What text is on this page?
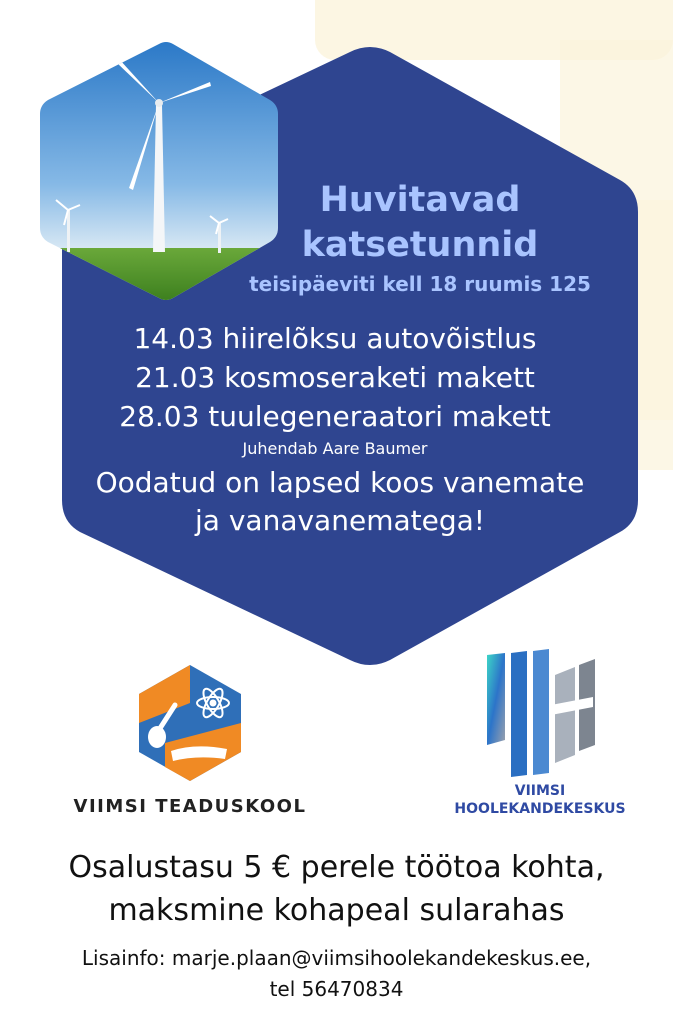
Huvitavad
katsetunnid
teisipäeviti kell 18 ruumis 125
14.03 hiirelõksu autovõistlus
21.03 kosmoseraketi makett
28.03 tuulegeneraatori makett
Juhendab Aare Baumer
Oodatud on lapsed koos vanemate
ja vanavanematega!
VIIMSI TEADUSKOOL
VIIMSI
HOOLEKANDEKESKUS
Osalustasu 5 € perele töötoa kohta,
maksmine kohapeal sularahas
Lisainfo: marje.plaan@viimsihoolekandekeskus.ee,
tel 56470834
